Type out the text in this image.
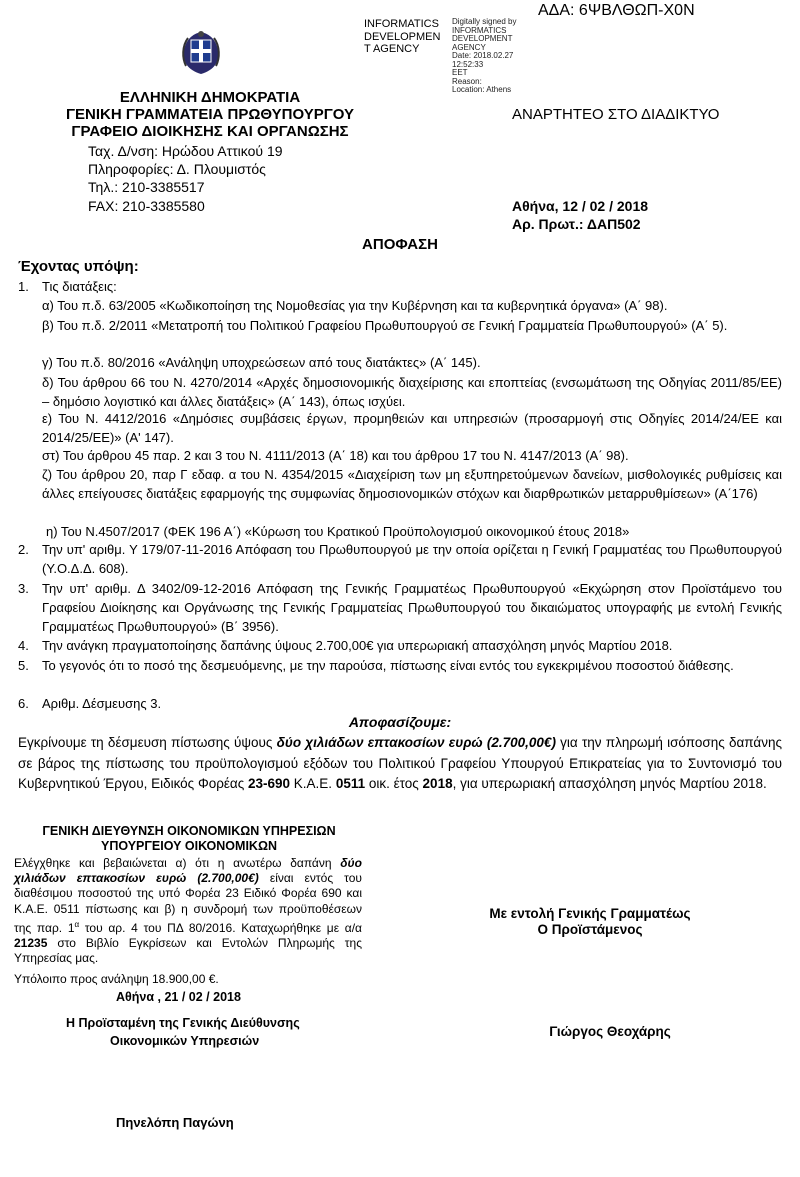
ΑΔΑ: 6ΨΒΛΘΩΠ-Χ0Ν
INFORMATICS
DEVELOPMEN
T AGENCY
Digitally signed by
INFORMATICS
DEVELOPMENT AGENCY
Date: 2018.02.27 12:52:33
EET
Reason:
Location: Athens
ΕΛΛΗΝΙΚΗ ΔΗΜΟΚΡΑΤΙΑ
ΓΕΝΙΚΗ ΓΡΑΜΜΑΤΕΙΑ ΠΡΩΘΥΠΟΥΡΓΟΥ
ΓΡΑΦΕΙΟ ΔΙΟΙΚΗΣΗΣ ΚΑΙ ΟΡΓΑΝΩΣΗΣ
Ταχ. Δ/νση: Ηρώδου Αττικού 19
Πληροφορίες: Δ. Πλουμιστός
Τηλ.: 210-3385517
FAX: 210-3385580
ΑΝΑΡΤΗΤΕΟ ΣΤΟ ΔΙΑΔΙΚΤΥΟ
Αθήνα, 12 / 02 / 2018
Αρ. Πρωτ.: ΔΑΠ502
ΑΠΟΦΑΣΗ
Έχοντας υπόψη:
1. Τις διατάξεις:
α) Του π.δ. 63/2005 «Κωδικοποίηση της Νομοθεσίας για την Κυβέρνηση και τα κυβερνητικά όργανα» (Α΄ 98).
β) Του π.δ. 2/2011 «Μετατροπή του Πολιτικού Γραφείου Πρωθυπουργού σε Γενική Γραμματεία Πρωθυπουργού» (Α΄ 5).
γ) Του π.δ. 80/2016 «Ανάληψη υποχρεώσεων από τους διατάκτες» (Α΄ 145).
δ) Του άρθρου 66 του Ν. 4270/2014 «Αρχές δημοσιονομικής διαχείρισης και εποπτείας (ενσωμάτωση της Οδηγίας 2011/85/ΕΕ) – δημόσιο λογιστικό και άλλες διατάξεις» (Α΄ 143), όπως ισχύει.
ε) Του Ν. 4412/2016 «Δημόσιες συμβάσεις έργων, προμηθειών και υπηρεσιών (προσαρμογή στις Οδηγίες 2014/24/ΕΕ και 2014/25/ΕΕ)» (Α' 147).
στ) Του άρθρου 45 παρ. 2 και 3 του Ν. 4111/2013 (Α΄ 18) και του άρθρου 17 του Ν. 4147/2013 (Α΄ 98).
ζ) Του άρθρου 20, παρ Γ εδαφ. α του Ν. 4354/2015 «Διαχείριση των μη εξυπηρετούμενων δανείων, μισθολογικές ρυθμίσεις και άλλες επείγουσες διατάξεις εφαρμογής της συμφωνίας δημοσιονομικών στόχων και διαρθρωτικών μεταρρυθμίσεων» (Α΄176)
η) Του Ν.4507/2017 (ΦΕΚ 196 Α΄) «Κύρωση του Κρατικού Προϋπολογισμού οικονομικού έτους 2018»
2. Την υπ' αριθμ. Υ 179/07-11-2016 Απόφαση του Πρωθυπουργού με την οποία ορίζεται η Γενική Γραμματέας του Πρωθυπουργού (Υ.Ο.Δ.Δ. 608).
3. Την υπ' αριθμ. Δ 3402/09-12-2016 Απόφαση της Γενικής Γραμματέως Πρωθυπουργού «Εκχώρηση στον Προϊστάμενο του Γραφείου Διοίκησης και Οργάνωσης της Γενικής Γραμματείας Πρωθυπουργού του δικαιώματος υπογραφής με εντολή Γενικής Γραμματέως Πρωθυπουργού» (Β΄ 3956).
4. Την ανάγκη πραγματοποίησης δαπάνης ύψους 2.700,00€ για υπερωριακή απασχόληση μηνός Μαρτίου 2018.
5. Το γεγονός ότι το ποσό της δεσμευόμενης, με την παρούσα, πίστωσης είναι εντός του εγκεκριμένου ποσοστού διάθεσης.
6. Αριθμ. Δέσμευσης 3.
Αποφασίζουμε:
Εγκρίνουμε τη δέσμευση πίστωσης ύψους δύο χιλιάδων επτακοσίων ευρώ (2.700,00€) για την πληρωμή ισόποσης δαπάνης σε βάρος της πίστωσης του προϋπολογισμού εξόδων του Πολιτικού Γραφείου Υπουργού Επικρατείας για το Συντονισμό του Κυβερνητικού Έργου, Ειδικός Φορέας 23-690 Κ.Α.Ε. 0511 οικ. έτος 2018, για υπερωριακή απασχόληση μηνός Μαρτίου 2018.
ΓΕΝΙΚΗ ΔΙΕΥΘΥΝΣΗ ΟΙΚΟΝΟΜΙΚΩΝ ΥΠΗΡΕΣΙΩΝ
ΥΠΟΥΡΓΕΙΟΥ ΟΙΚΟΝΟΜΙΚΩΝ
Ελέγχθηκε και βεβαιώνεται α) ότι η ανωτέρω δαπάνη δύο χιλιάδων επτακοσίων ευρώ (2.700,00€) είναι εντός του διαθέσιμου ποσοστού της υπό Φορέα 23 Ειδικό Φορέα 690 και Κ.Α.Ε. 0511 πίστωσης και β) η συνδρομή των προϋποθέσεων της παρ. $1^\alpha$ του αρ. 4 του ΠΔ 80/2016. Καταχωρήθηκε με α/α 21235 στο Βιβλίο Εγκρίσεων και Εντολών Πληρωμής της Υπηρεσίας μας.
Υπόλοιπο προς ανάληψη 18.900,00 €.
Αθήνα , 21 / 02 / 2018
Η Προϊσταμένη της Γενικής Διεύθυνσης
Οικονομικών Υπηρεσιών
Πηνελόπη Παγώνη
Με εντολή Γενικής Γραμματέως
Ο Προϊστάμενος
Γιώργος Θεοχάρης
